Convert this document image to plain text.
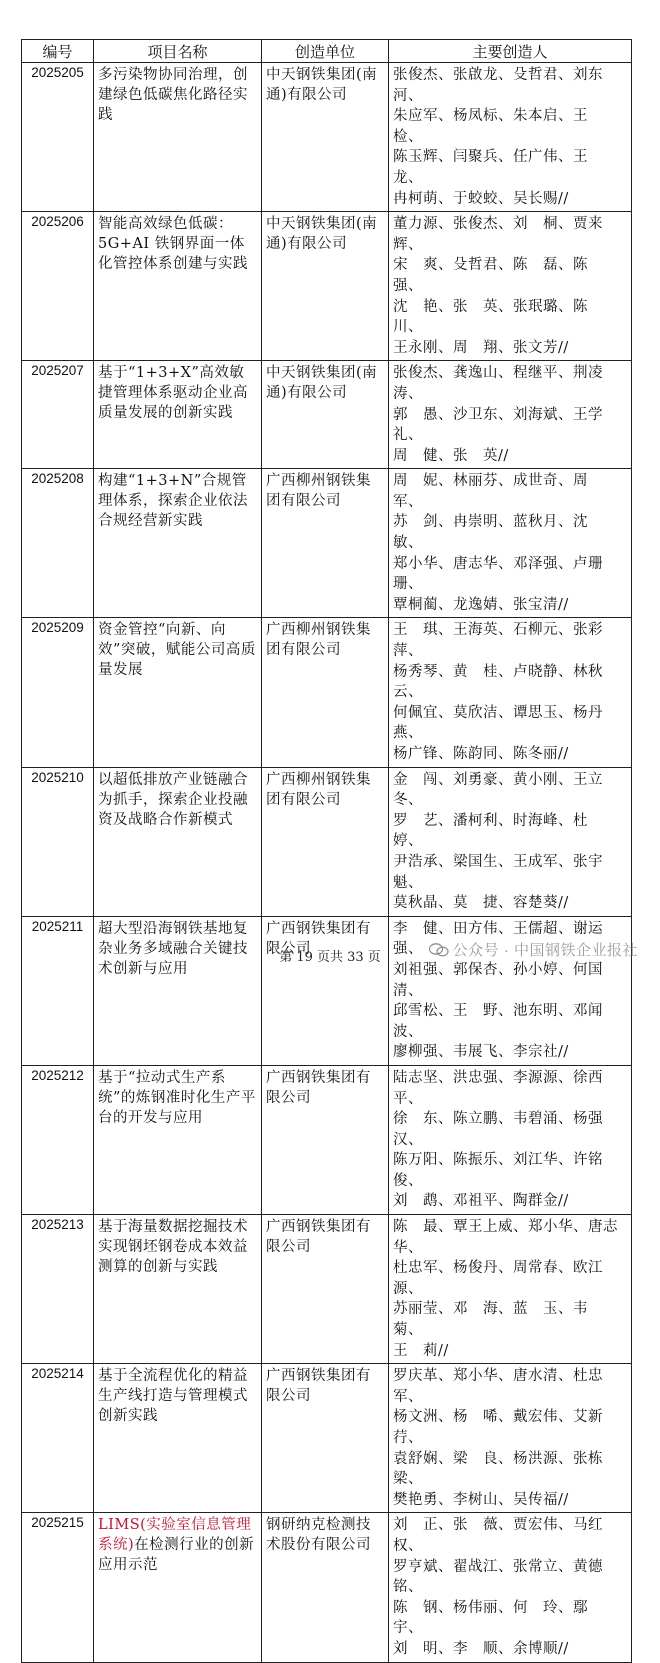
编号	项目名称	创造单位	主要创造人
2025205	多污染物协同治理，创建绿色低碳焦化路径实践	中天钢铁集团(南通)有限公司	张俊杰、张啟龙、殳哲君、刘东河、
朱应军、杨凤标、朱本启、王　检、
陈玉辉、闫聚兵、任广伟、王　龙、
冉柯萌、于蛟蛟、吴长赐//

2025206	智能高效绿色低碳：5G+AI 铁钢界面一体化管控体系创建与实践	中天钢铁集团(南通)有限公司	董力源、张俊杰、刘　桐、贾来辉、
宋　爽、殳哲君、陈　磊、陈　强、
沈　艳、张　英、张珉璐、陈　川、
王永刚、周　翔、张文芳//

2025207	基于“1+3+X”高效敏捷管理体系驱动企业高质量发展的创新实践	中天钢铁集团(南通)有限公司	张俊杰、龚逸山、程继平、荆凌涛、
郭　愚、沙卫东、刘海斌、王学礼、
周　健、张　英//

2025208	构建“1+3+N”合规管理体系，探索企业依法合规经营新实践	广西柳州钢铁集团有限公司	周　妮、林丽芬、成世奇、周　军、
苏　剑、冉崇明、蓝秋月、沈　敏、
郑小华、唐志华、邓泽强、卢珊珊、
覃桐蔺、龙逸婧、张宝清//

2025209	资金管控“向新、向效”突破，赋能公司高质量发展	广西柳州钢铁集团有限公司	王　琪、王海英、石柳元、张彩萍、
杨秀琴、黄　桂、卢晓静、林秋云、
何佩宜、莫欣洁、谭思玉、杨丹燕、
杨广锋、陈韵同、陈冬丽//

2025210	以超低排放产业链融合为抓手，探索企业投融资及战略合作新模式	广西柳州钢铁集团有限公司	金　闯、刘勇豪、黄小刚、王立冬、
罗　艺、潘柯利、时海峰、杜　婷、
尹浩承、梁国生、王成军、张宇魁、
莫秋晶、莫　捷、容楚葵//

2025211	超大型沿海钢铁基地复杂业务多域融合关键技术创新与应用	广西钢铁集团有限公司	李　健、田方伟、王儒超、谢运强、
刘祖强、郭保杏、孙小婷、何国清、
邱雪松、王　野、池东明、邓闻波、
廖柳强、韦展飞、李宗社//

2025212	基于“拉动式生产系统”的炼钢准时化生产平台的开发与应用	广西钢铁集团有限公司	陆志坚、洪忠强、李源源、徐西平、
徐　东、陈立鹏、韦碧涌、杨强汉、
陈万阳、陈振乐、刘江华、许铭俊、
刘　鹉、邓祖平、陶群金//

2025213	基于海量数据挖掘技术实现钢坯钢卷成本效益测算的创新与实践	广西钢铁集团有限公司	陈　最、覃王上威、郑小华、唐志华、
杜忠军、杨俊丹、周常春、欧江源、
苏丽莹、邓　海、蓝　玉、韦　菊、
王　莉//

2025214	基于全流程优化的精益生产线打造与管理模式创新实践	广西钢铁集团有限公司	罗庆革、郑小华、唐水清、杜忠军、
杨文洲、杨　唏、戴宏伟、艾新荇、
袁舒娴、梁　良、杨洪源、张栋梁、
樊艳勇、李树山、吴传福//

2025215	LIMS(实验室信息管理系统)在检测行业的创新应用示范	钢研纳克检测技术股份有限公司	刘　正、张　薇、贾宏伟、马红权、
罗亨斌、翟战江、张常立、黄德铭、
陈　钢、杨伟丽、何　玲、鄢　宇、
刘　明、李　顺、余博顺//
第 19 页共 33 页	公众号 · 中国钢铁企业报社
